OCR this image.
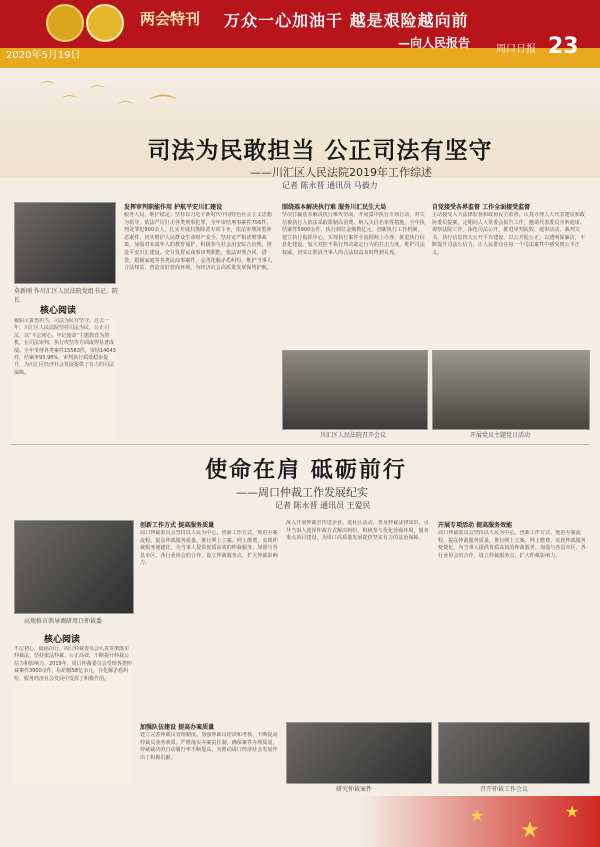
两会特刊 万众一心加油干 越是艰险越向前
—向人民报告
2020年5月19日
周口日报 23
⌒
⌒
⌒
⌒ ⌒
司法为民敢担当 公正司法有坚守
——川汇区人民法院2019年工作综述
记者 陈永晋 通讯员 马毅力
莫新刚 作川汇区人民法院党组书记、院长
核心阅读
履职尽责勇担当，司法为民有坚守。过去一年，川汇区人民法院坚持司法为民、公正司法，以“不忘初心、牢记使命”主题教育为契机，在司法审判、执行攻坚等方面取得显著成绩。全年受理各类案件15583件，审结14643件，结案率93.98%，审判执行质效稳步提升，为川汇区经济社会发展提供了有力的司法保障。
发挥审判职能作用 护航平安川汇建设
服务大局，维护稳定。坚持以习近平新时代中国特色社会主义思想为指导，依法严厉打击各类刑事犯罪，全年审结刑事案件756件，判处罪犯900余人，扎实开展扫黑除恶专项斗争，依法审理涉黑涉恶案件，切实维护人民群众生命财产安全。坚持宽严相济刑事政策，加强对未成年人的教育保护，积极参与社会治安综合治理，推进平安川汇建设。充分发挥民商事审判职能，依法审理合同、借贷、婚姻家庭等各类民商事案件，妥善化解矛盾纠纷，维护当事人合法权益，营造良好营商环境，为经济社会高质量发展保驾护航。
围绕基本解决执行难 服务川汇民生大局
坚决打赢基本解决执行难攻坚战，开展集中执行专项行动，对失信被执行人依法采取限制高消费、纳入失信名单等措施，全年执结案件5900余件，执行到位金额数亿元。创新执行工作机制，建立执行指挥中心，实现执行案件全流程网上办理，推进执行信息化建设。加大对拒不执行判决裁定行为的打击力度，维护司法权威，切实让胜诉当事人的合法权益及时得到兑现。
川汇区人民法院召开会议
自觉接受各界监督 工作全面接受监督
主动接受人大法律监督和政协民主监督，认真办理人大代表建议和政协委员提案，定期向人大常委会报告工作，邀请代表委员旁听庭审、视察法院工作。深化司法公开，推进审判流程、庭审活动、裁判文书、执行信息四大公开平台建设，以公开促公正，以透明保廉洁，不断提升司法公信力，让人民群众在每一个司法案件中感受到公平正义。
开展党员主题党日活动
使命在肩 砥砺前行
——周口仲裁工作发展纪实
记者 陈永晋 通讯员 王爱民
高规格市领导调研周口仲裁委
核心阅读
不忘初心，砥砺前行。周口仲裁委员会认真贯彻落实仲裁法，坚持依法仲裁、公正高效，不断提升仲裁公信力和影响力。2019年，周口仲裁委员会受理各类仲裁案件3900余件，标的额58亿余元，在化解矛盾纠纷、服务经济社会发展中发挥了积极作用。
创新工作方式 提高服务质量
周口仲裁委员会坚持以人民为中心，创新工作方式，规范办案流程，提高仲裁服务质量。推行网上立案、网上缴费，实现仲裁服务便捷化，为当事人提供优质高效的仲裁服务。加强与各县市区、各行业协会的合作，设立仲裁服务点，扩大仲裁影响力。
加强队伍建设 提高办案质量
建立完善仲裁员管理制度，加强仲裁员培训和考核，不断提高仲裁员业务素质。严格落实办案责任制，确保案件办理质量，仲裁裁决的自动履行率不断提高，为推动周口经济社会发展作出了积极贡献。
深入开展仲裁宣传进企业、进社区活动，普及仲裁法律知识，引导当事人选择仲裁方式解决纠纷。积极参与优化营商环境，服务重点项目建设，为周口高质量发展提供坚实有力的法治保障。
研究仲裁案件
开展专项活动 提高服务效能
周口仲裁委员会坚持以人民为中心，创新工作方式，规范办案流程，提高仲裁服务质量。推行网上立案、网上缴费，实现仲裁服务便捷化，为当事人提供优质高效的仲裁服务。加强与各县市区、各行业协会的合作，设立仲裁服务点，扩大仲裁影响力。
召开仲裁工作会议
★
★
★
